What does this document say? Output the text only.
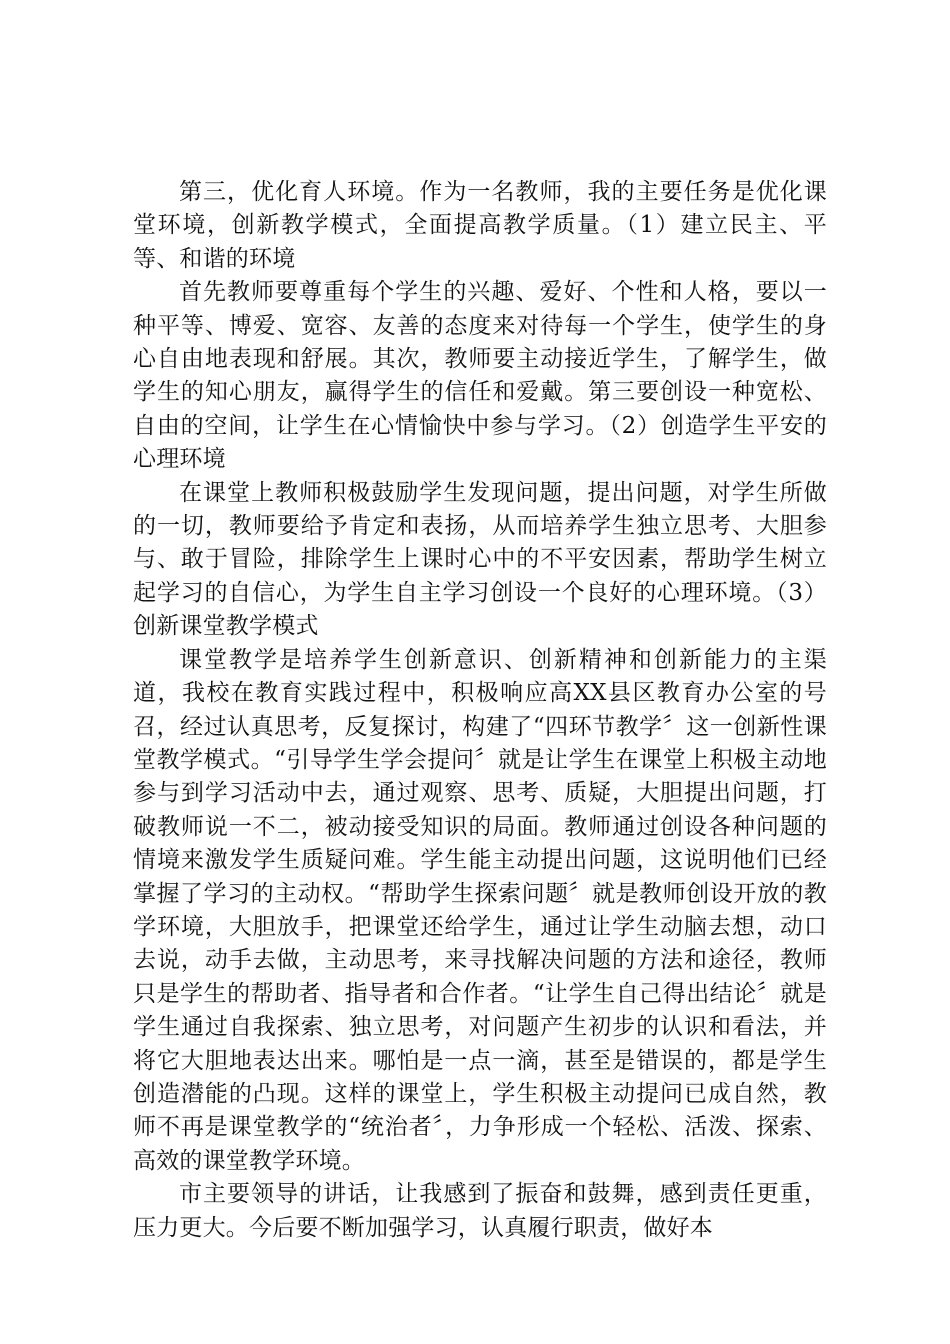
第三，优化育人环境。作为一名教师，我的主要任务是优化课堂环境，创新教学模式，全面提高教学质量。（1）建立民主、平等、和谐的环境

首先教师要尊重每个学生的兴趣、爱好、个性和人格，要以一种平等、博爱、宽容、友善的态度来对待每一个学生，使学生的身心自由地表现和舒展。其次，教师要主动接近学生，了解学生，做学生的知心朋友，赢得学生的信任和爱戴。第三要创设一种宽松、自由的空间，让学生在心情愉快中参与学习。（2）创造学生平安的心理环境

在课堂上教师积极鼓励学生发现问题，提出问题，对学生所做的一切，教师要给予肯定和表扬，从而培养学生独立思考、大胆参与、敢于冒险，排除学生上课时心中的不平安因素，帮助学生树立起学习的自信心，为学生自主学习创设一个良好的心理环境。（3）创新课堂教学模式

课堂教学是培养学生创新意识、创新精神和创新能力的主渠道，我校在教育实践过程中，积极响应高XX县区教育办公室的号召，经过认真思考，反复探讨，构建了“四环节教学〞这一创新性课堂教学模式。“引导学生学会提问〞就是让学生在课堂上积极主动地参与到学习活动中去，通过观察、思考、质疑，大胆提出问题，打破教师说一不二，被动接受知识的局面。教师通过创设各种问题的情境来激发学生质疑问难。学生能主动提出问题，这说明他们已经掌握了学习的主动权。“帮助学生探索问题〞就是教师创设开放的教学环境，大胆放手，把课堂还给学生，通过让学生动脑去想，动口去说，动手去做，主动思考，来寻找解决问题的方法和途径，教师只是学生的帮助者、指导者和合作者。“让学生自己得出结论〞就是学生通过自我探索、独立思考，对问题产生初步的认识和看法，并将它大胆地表达出来。哪怕是一点一滴，甚至是错误的，都是学生创造潜能的凸现。这样的课堂上，学生积极主动提问已成自然，教师不再是课堂教学的“统治者〞，力争形成一个轻松、活泼、探索、高效的课堂教学环境。

市主要领导的讲话，让我感到了振奋和鼓舞，感到责任更重，压力更大。今后要不断加强学习，认真履行职责，做好本
